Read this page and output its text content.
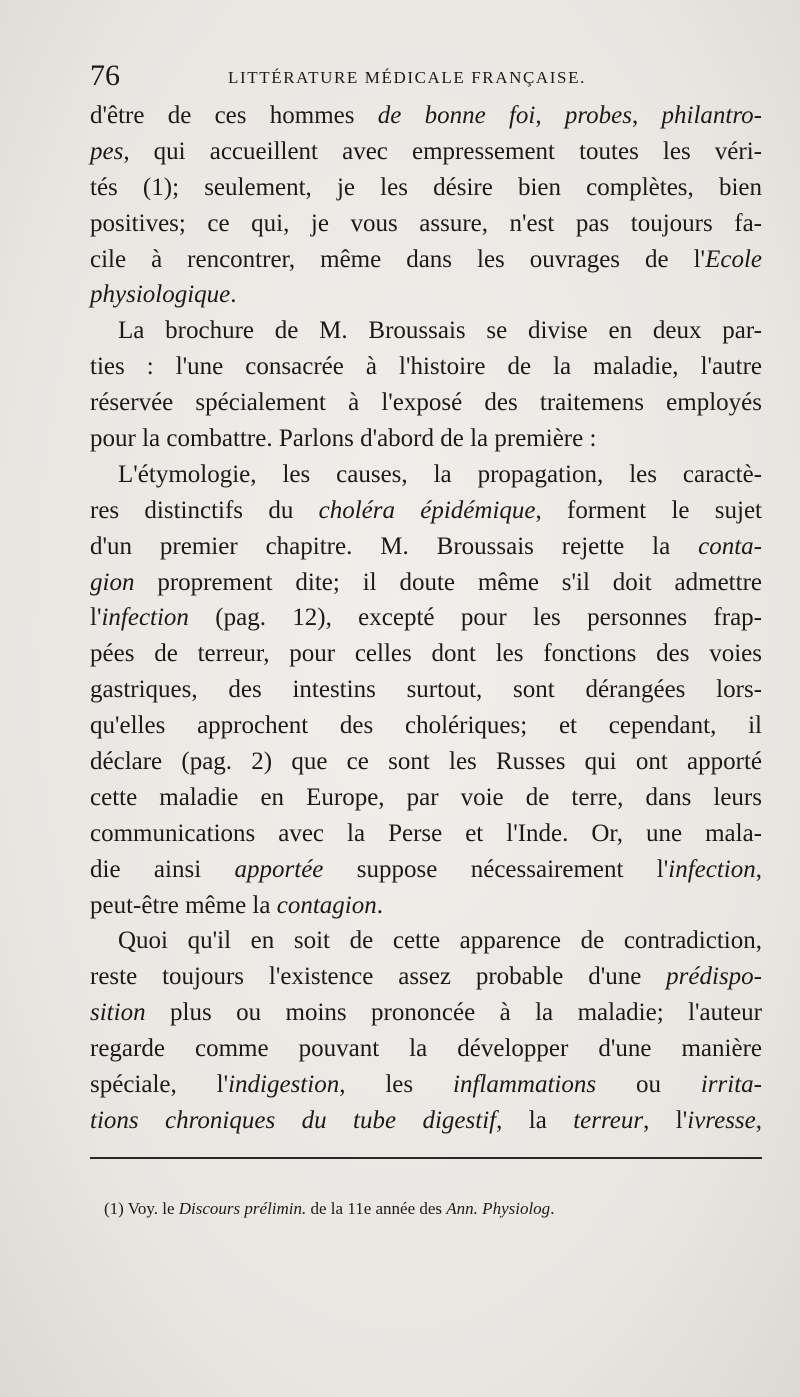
76	LITTÉRATURE MÉDICALE FRANÇAISE.
d'être de ces hommes de bonne foi, probes, philantro-
pes, qui accueillent avec empressement toutes les véri-
tés (1); seulement, je les désire bien complètes, bien
positives; ce qui, je vous assure, n'est pas toujours fa-
cile à rencontrer, même dans les ouvrages de l'Ecole
physiologique.
La brochure de M. Broussais se divise en deux par-
ties : l'une consacrée à l'histoire de la maladie, l'autre
réservée spécialement à l'exposé des traitemens employés
pour la combattre. Parlons d'abord de la première :
L'étymologie, les causes, la propagation, les caractè-
res distinctifs du choléra épidémique, forment le sujet
d'un premier chapitre. M. Broussais rejette la conta-
gion proprement dite; il doute même s'il doit admettre
l'infection (pag. 12), excepté pour les personnes frap-
pées de terreur, pour celles dont les fonctions des voies
gastriques, des intestins surtout, sont dérangées lors-
qu'elles approchent des cholériques; et cependant, il
déclare (pag. 2) que ce sont les Russes qui ont apporté
cette maladie en Europe, par voie de terre, dans leurs
communications avec la Perse et l'Inde. Or, une mala-
die ainsi apportée suppose nécessairement l'infection,
peut-être même la contagion.
Quoi qu'il en soit de cette apparence de contradiction,
reste toujours l'existence assez probable d'une prédispo-
sition plus ou moins prononcée à la maladie; l'auteur
regarde comme pouvant la développer d'une manière
spéciale, l'indigestion, les inflammations ou irrita-
tions chroniques du tube digestif, la terreur, l'ivresse,
(1) Voy. le Discours prélimin. de la 11e année des Ann. Physiolog.
